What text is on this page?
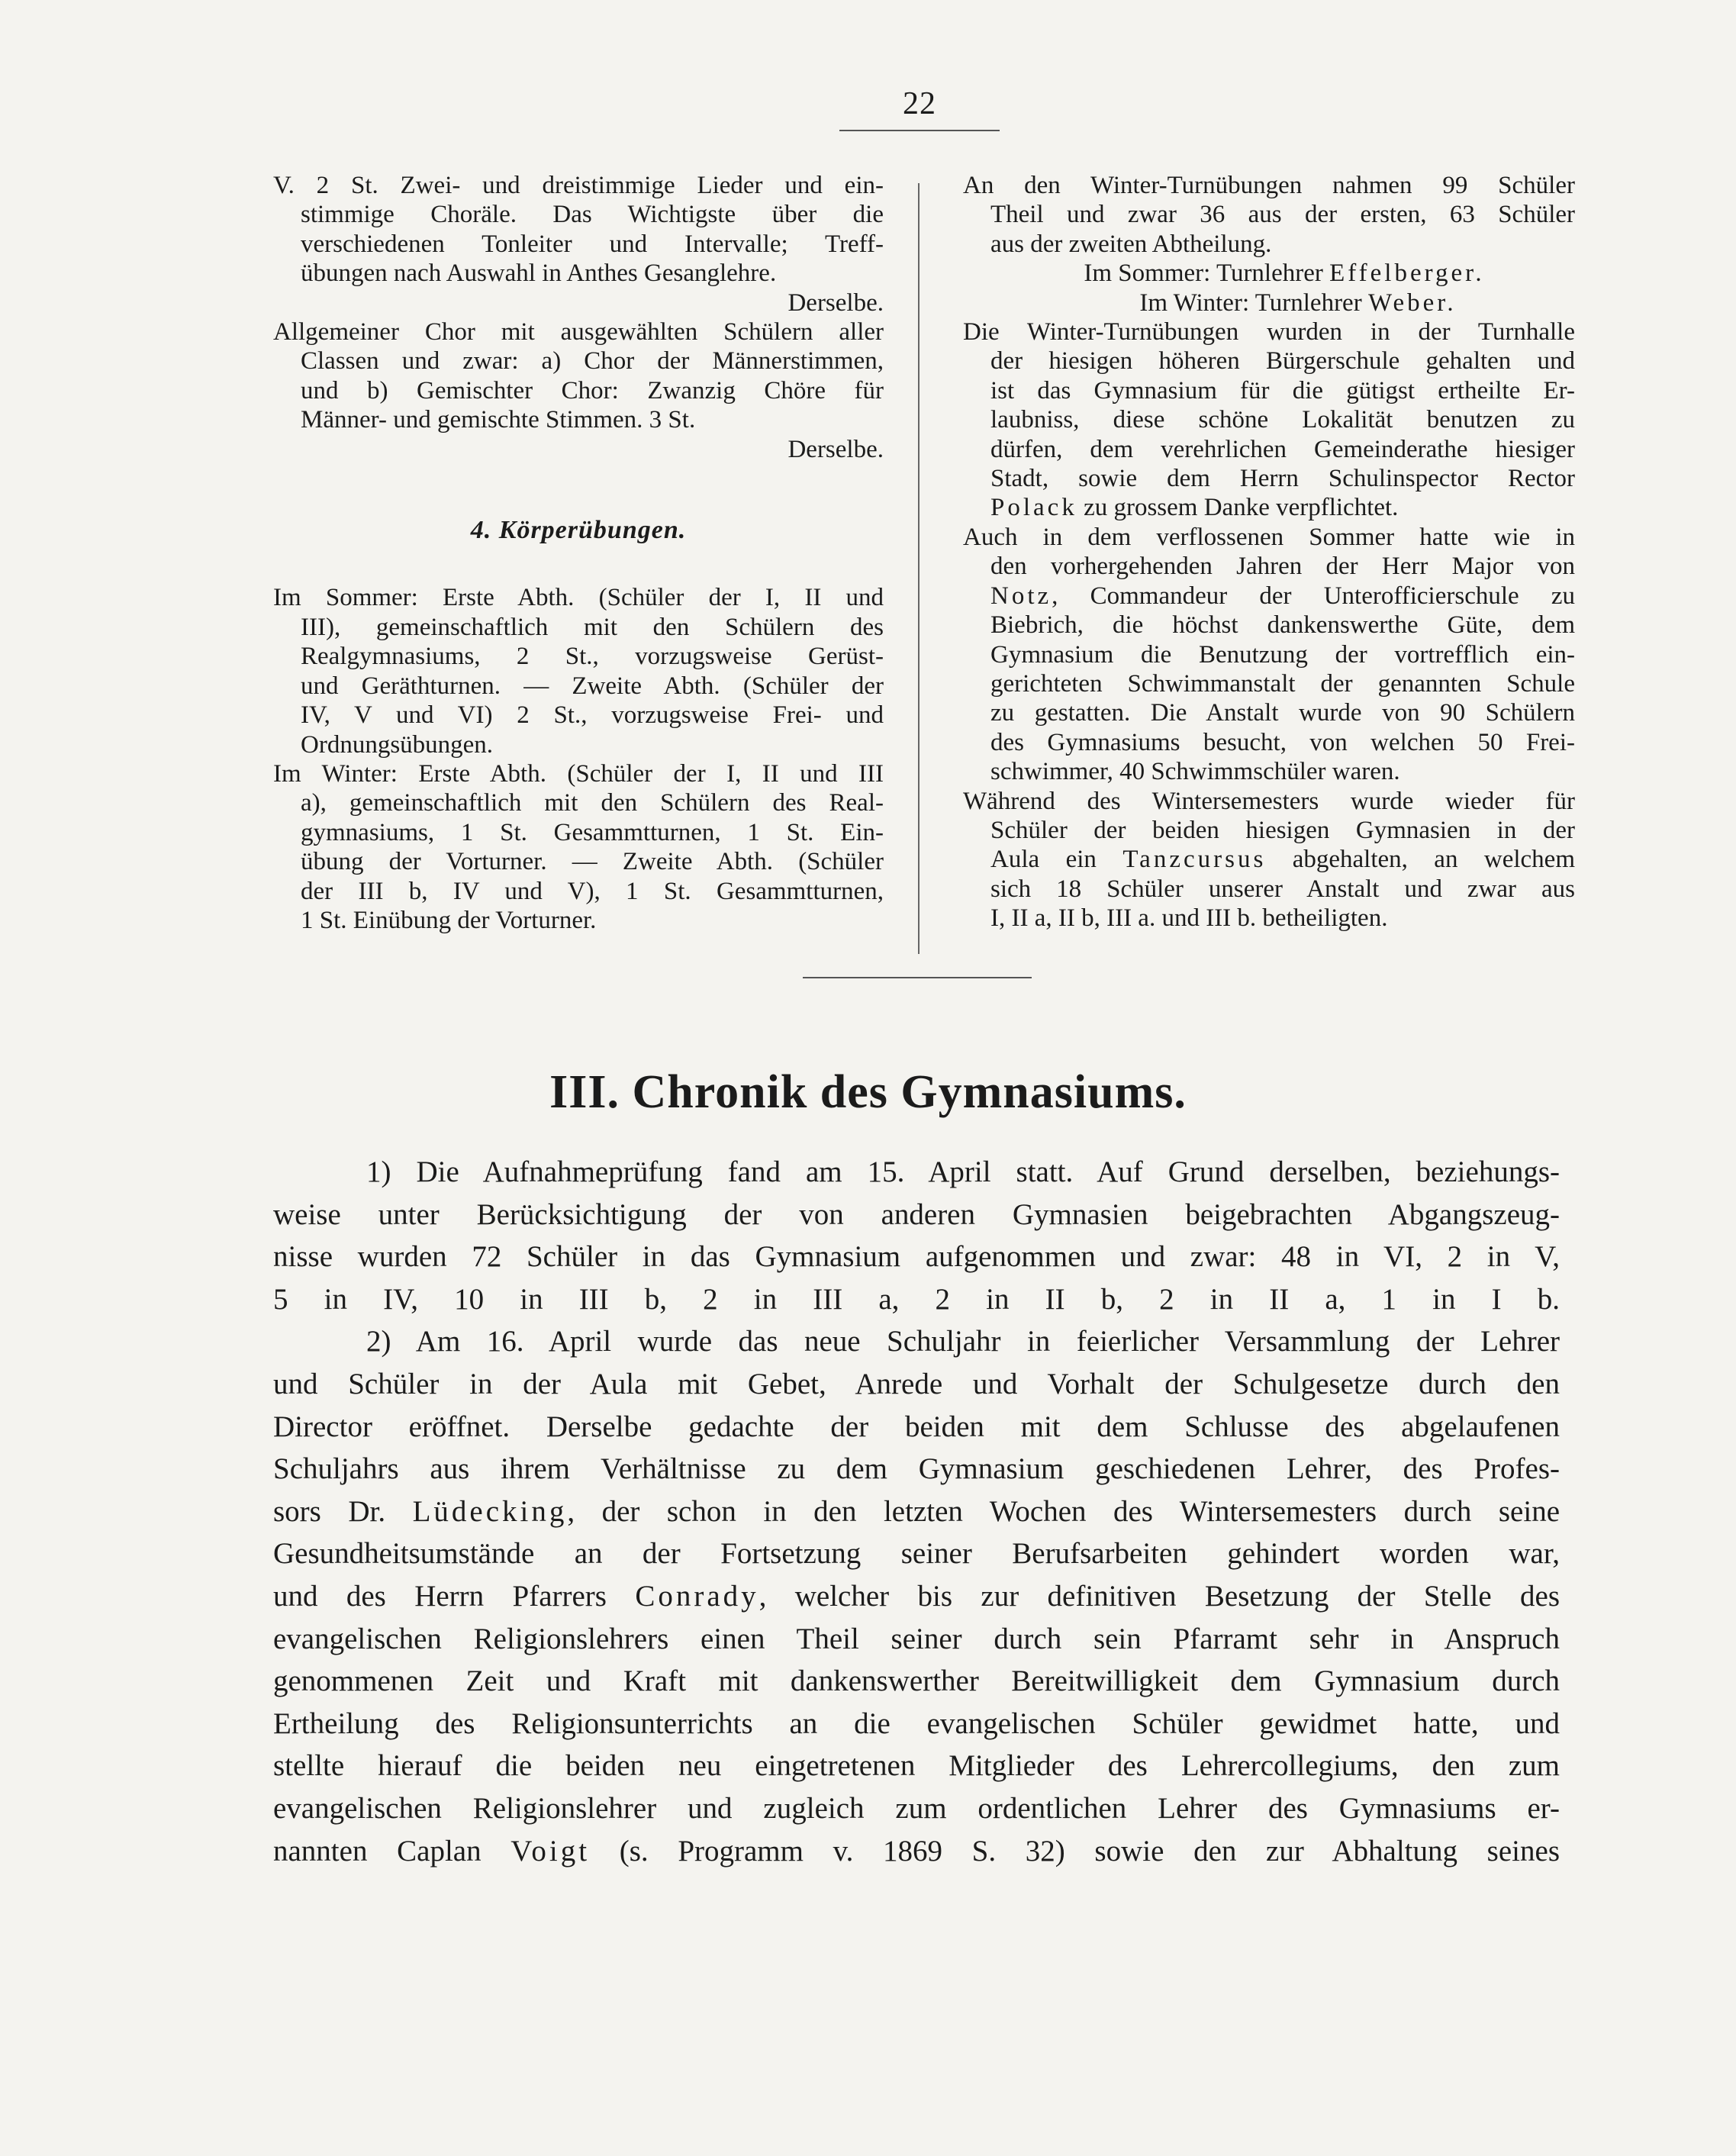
22

V. 2 St. Zwei- und dreistimmige Lieder und ein-
stimmige Choräle. Das Wichtigste über die
verschiedenen Tonleiter und Intervalle; Treff-
übungen nach Auswahl in Anthes Gesanglehre.
Derselbe.

Allgemeiner Chor mit ausgewählten Schülern aller
Classen und zwar: a) Chor der Männerstimmen,
und b) Gemischter Chor: Zwanzig Chöre für
Männer- und gemischte Stimmen. 3 St.
Derselbe.

4. Körperübungen.

Im Sommer: Erste Abth. (Schüler der I, II und
III), gemeinschaftlich mit den Schülern des
Realgymnasiums, 2 St., vorzugsweise Gerüst-
und Geräthturnen. — Zweite Abth. (Schüler der
IV, V und VI) 2 St., vorzugsweise Frei- und
Ordnungsübungen.

Im Winter: Erste Abth. (Schüler der I, II und III
a), gemeinschaftlich mit den Schülern des Real-
gymnasiums, 1 St. Gesammtturnen, 1 St. Ein-
übung der Vorturner. — Zweite Abth. (Schüler
der III b, IV und V), 1 St. Gesammtturnen,
1 St. Einübung der Vorturner.

An den Winter-Turnübungen nahmen 99 Schüler
Theil und zwar 36 aus der ersten, 63 Schüler
aus der zweiten Abtheilung.
Im Sommer: Turnlehrer Effelberger.
Im Winter: Turnlehrer Weber.

Die Winter-Turnübungen wurden in der Turnhalle
der hiesigen höheren Bürgerschule gehalten und
ist das Gymnasium für die gütigst ertheilte Er-
laubniss, diese schöne Lokalität benutzen zu
dürfen, dem verehrlichen Gemeinderathe hiesiger
Stadt, sowie dem Herrn Schulinspector Rector
Polack zu grossem Danke verpflichtet.

Auch in dem verflossenen Sommer hatte wie in
den vorhergehenden Jahren der Herr Major von
Notz, Commandeur der Unterofficierschule zu
Biebrich, die höchst dankenswerthe Güte, dem
Gymnasium die Benutzung der vortrefflich ein-
gerichteten Schwimmanstalt der genannten Schule
zu gestatten. Die Anstalt wurde von 90 Schülern
des Gymnasiums besucht, von welchen 50 Frei-
schwimmer, 40 Schwimmschüler waren.

Während des Wintersemesters wurde wieder für
Schüler der beiden hiesigen Gymnasien in der
Aula ein Tanzcursus abgehalten, an welchem
sich 18 Schüler unserer Anstalt und zwar aus
I, II a, II b, III a. und III b. betheiligten.

III. Chronik des Gymnasiums.

1) Die Aufnahmeprüfung fand am 15. April statt. Auf Grund derselben, beziehungs-
weise unter Berücksichtigung der von anderen Gymnasien beigebrachten Abgangszeug-
nisse wurden 72 Schüler in das Gymnasium aufgenommen und zwar: 48 in VI, 2 in V,
5 in IV, 10 in III b, 2 in III a, 2 in II b, 2 in II a, 1 in I b.

2) Am 16. April wurde das neue Schuljahr in feierlicher Versammlung der Lehrer
und Schüler in der Aula mit Gebet, Anrede und Vorhalt der Schulgesetze durch den
Director eröffnet. Derselbe gedachte der beiden mit dem Schlusse des abgelaufenen
Schuljahrs aus ihrem Verhältnisse zu dem Gymnasium geschiedenen Lehrer, des Profes-
sors Dr. Lüdecking, der schon in den letzten Wochen des Wintersemesters durch seine
Gesundheitsumstände an der Fortsetzung seiner Berufsarbeiten gehindert worden war,
und des Herrn Pfarrers Conrady, welcher bis zur definitiven Besetzung der Stelle des
evangelischen Religionslehrers einen Theil seiner durch sein Pfarramt sehr in Anspruch
genommenen Zeit und Kraft mit dankenswerther Bereitwilligkeit dem Gymnasium durch
Ertheilung des Religionsunterrichts an die evangelischen Schüler gewidmet hatte, und
stellte hierauf die beiden neu eingetretenen Mitglieder des Lehrercollegiums, den zum
evangelischen Religionslehrer und zugleich zum ordentlichen Lehrer des Gymnasiums er-
nannten Caplan Voigt (s. Programm v. 1869 S. 32) sowie den zur Abhaltung seines
